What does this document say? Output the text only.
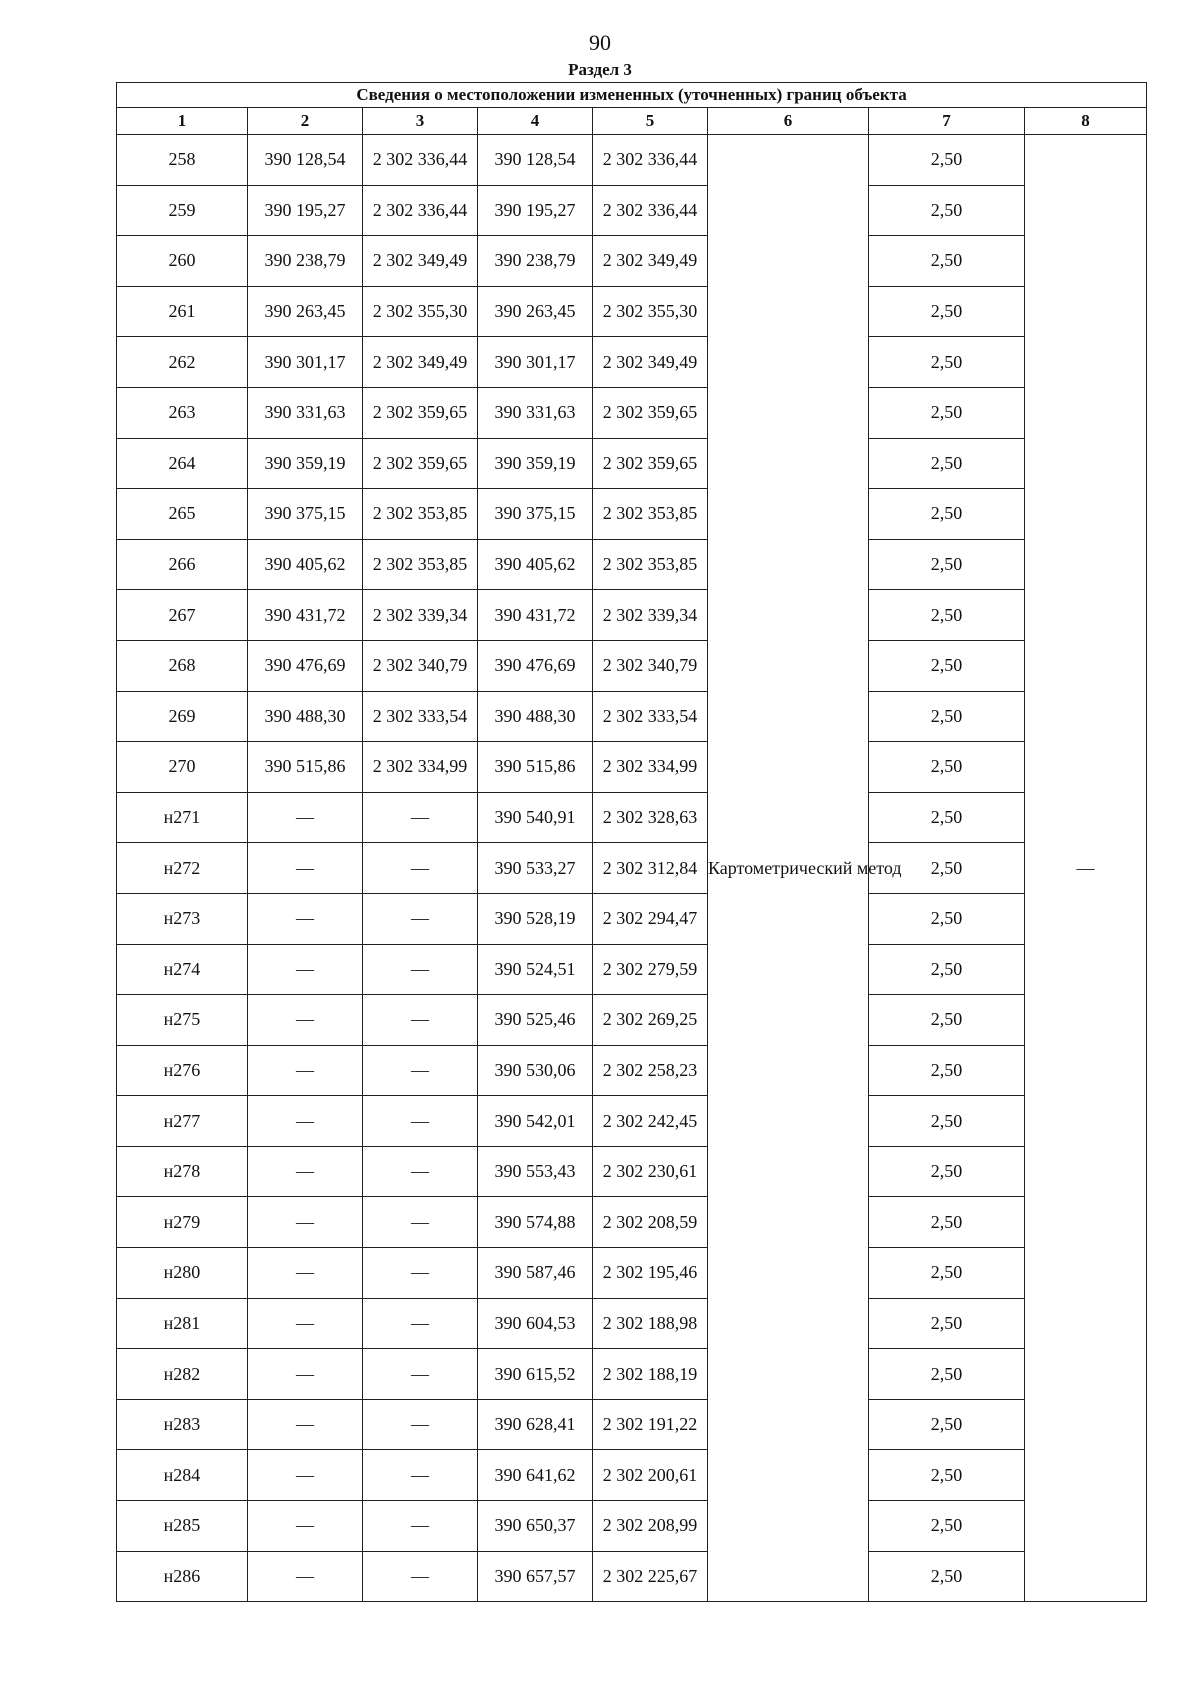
90
Раздел 3
Сведения о местоположении измененных (уточненных) границ объекта							
1	2	3	4	5	6	7	8
258	390 128,54	2 302 336,44	390 128,54	2 302 336,44	Картометрический метод	2,50	—
259	390 195,27	2 302 336,44	390 195,27	2 302 336,44		2,50	
260	390 238,79	2 302 349,49	390 238,79	2 302 349,49		2,50	
261	390 263,45	2 302 355,30	390 263,45	2 302 355,30		2,50	
262	390 301,17	2 302 349,49	390 301,17	2 302 349,49		2,50	
263	390 331,63	2 302 359,65	390 331,63	2 302 359,65		2,50	
264	390 359,19	2 302 359,65	390 359,19	2 302 359,65		2,50	
265	390 375,15	2 302 353,85	390 375,15	2 302 353,85		2,50	
266	390 405,62	2 302 353,85	390 405,62	2 302 353,85		2,50	
267	390 431,72	2 302 339,34	390 431,72	2 302 339,34		2,50	
268	390 476,69	2 302 340,79	390 476,69	2 302 340,79		2,50	
269	390 488,30	2 302 333,54	390 488,30	2 302 333,54		2,50	
270	390 515,86	2 302 334,99	390 515,86	2 302 334,99		2,50	
н271	—	—	390 540,91	2 302 328,63		2,50	
н272	—	—	390 533,27	2 302 312,84		2,50	
н273	—	—	390 528,19	2 302 294,47		2,50	
н274	—	—	390 524,51	2 302 279,59		2,50	
н275	—	—	390 525,46	2 302 269,25		2,50	
н276	—	—	390 530,06	2 302 258,23		2,50	
н277	—	—	390 542,01	2 302 242,45		2,50	
н278	—	—	390 553,43	2 302 230,61		2,50	
н279	—	—	390 574,88	2 302 208,59		2,50	
н280	—	—	390 587,46	2 302 195,46		2,50	
н281	—	—	390 604,53	2 302 188,98		2,50	
н282	—	—	390 615,52	2 302 188,19		2,50	
н283	—	—	390 628,41	2 302 191,22		2,50	
н284	—	—	390 641,62	2 302 200,61		2,50	
н285	—	—	390 650,37	2 302 208,99		2,50	
н286	—	—	390 657,57	2 302 225,67		2,50	
